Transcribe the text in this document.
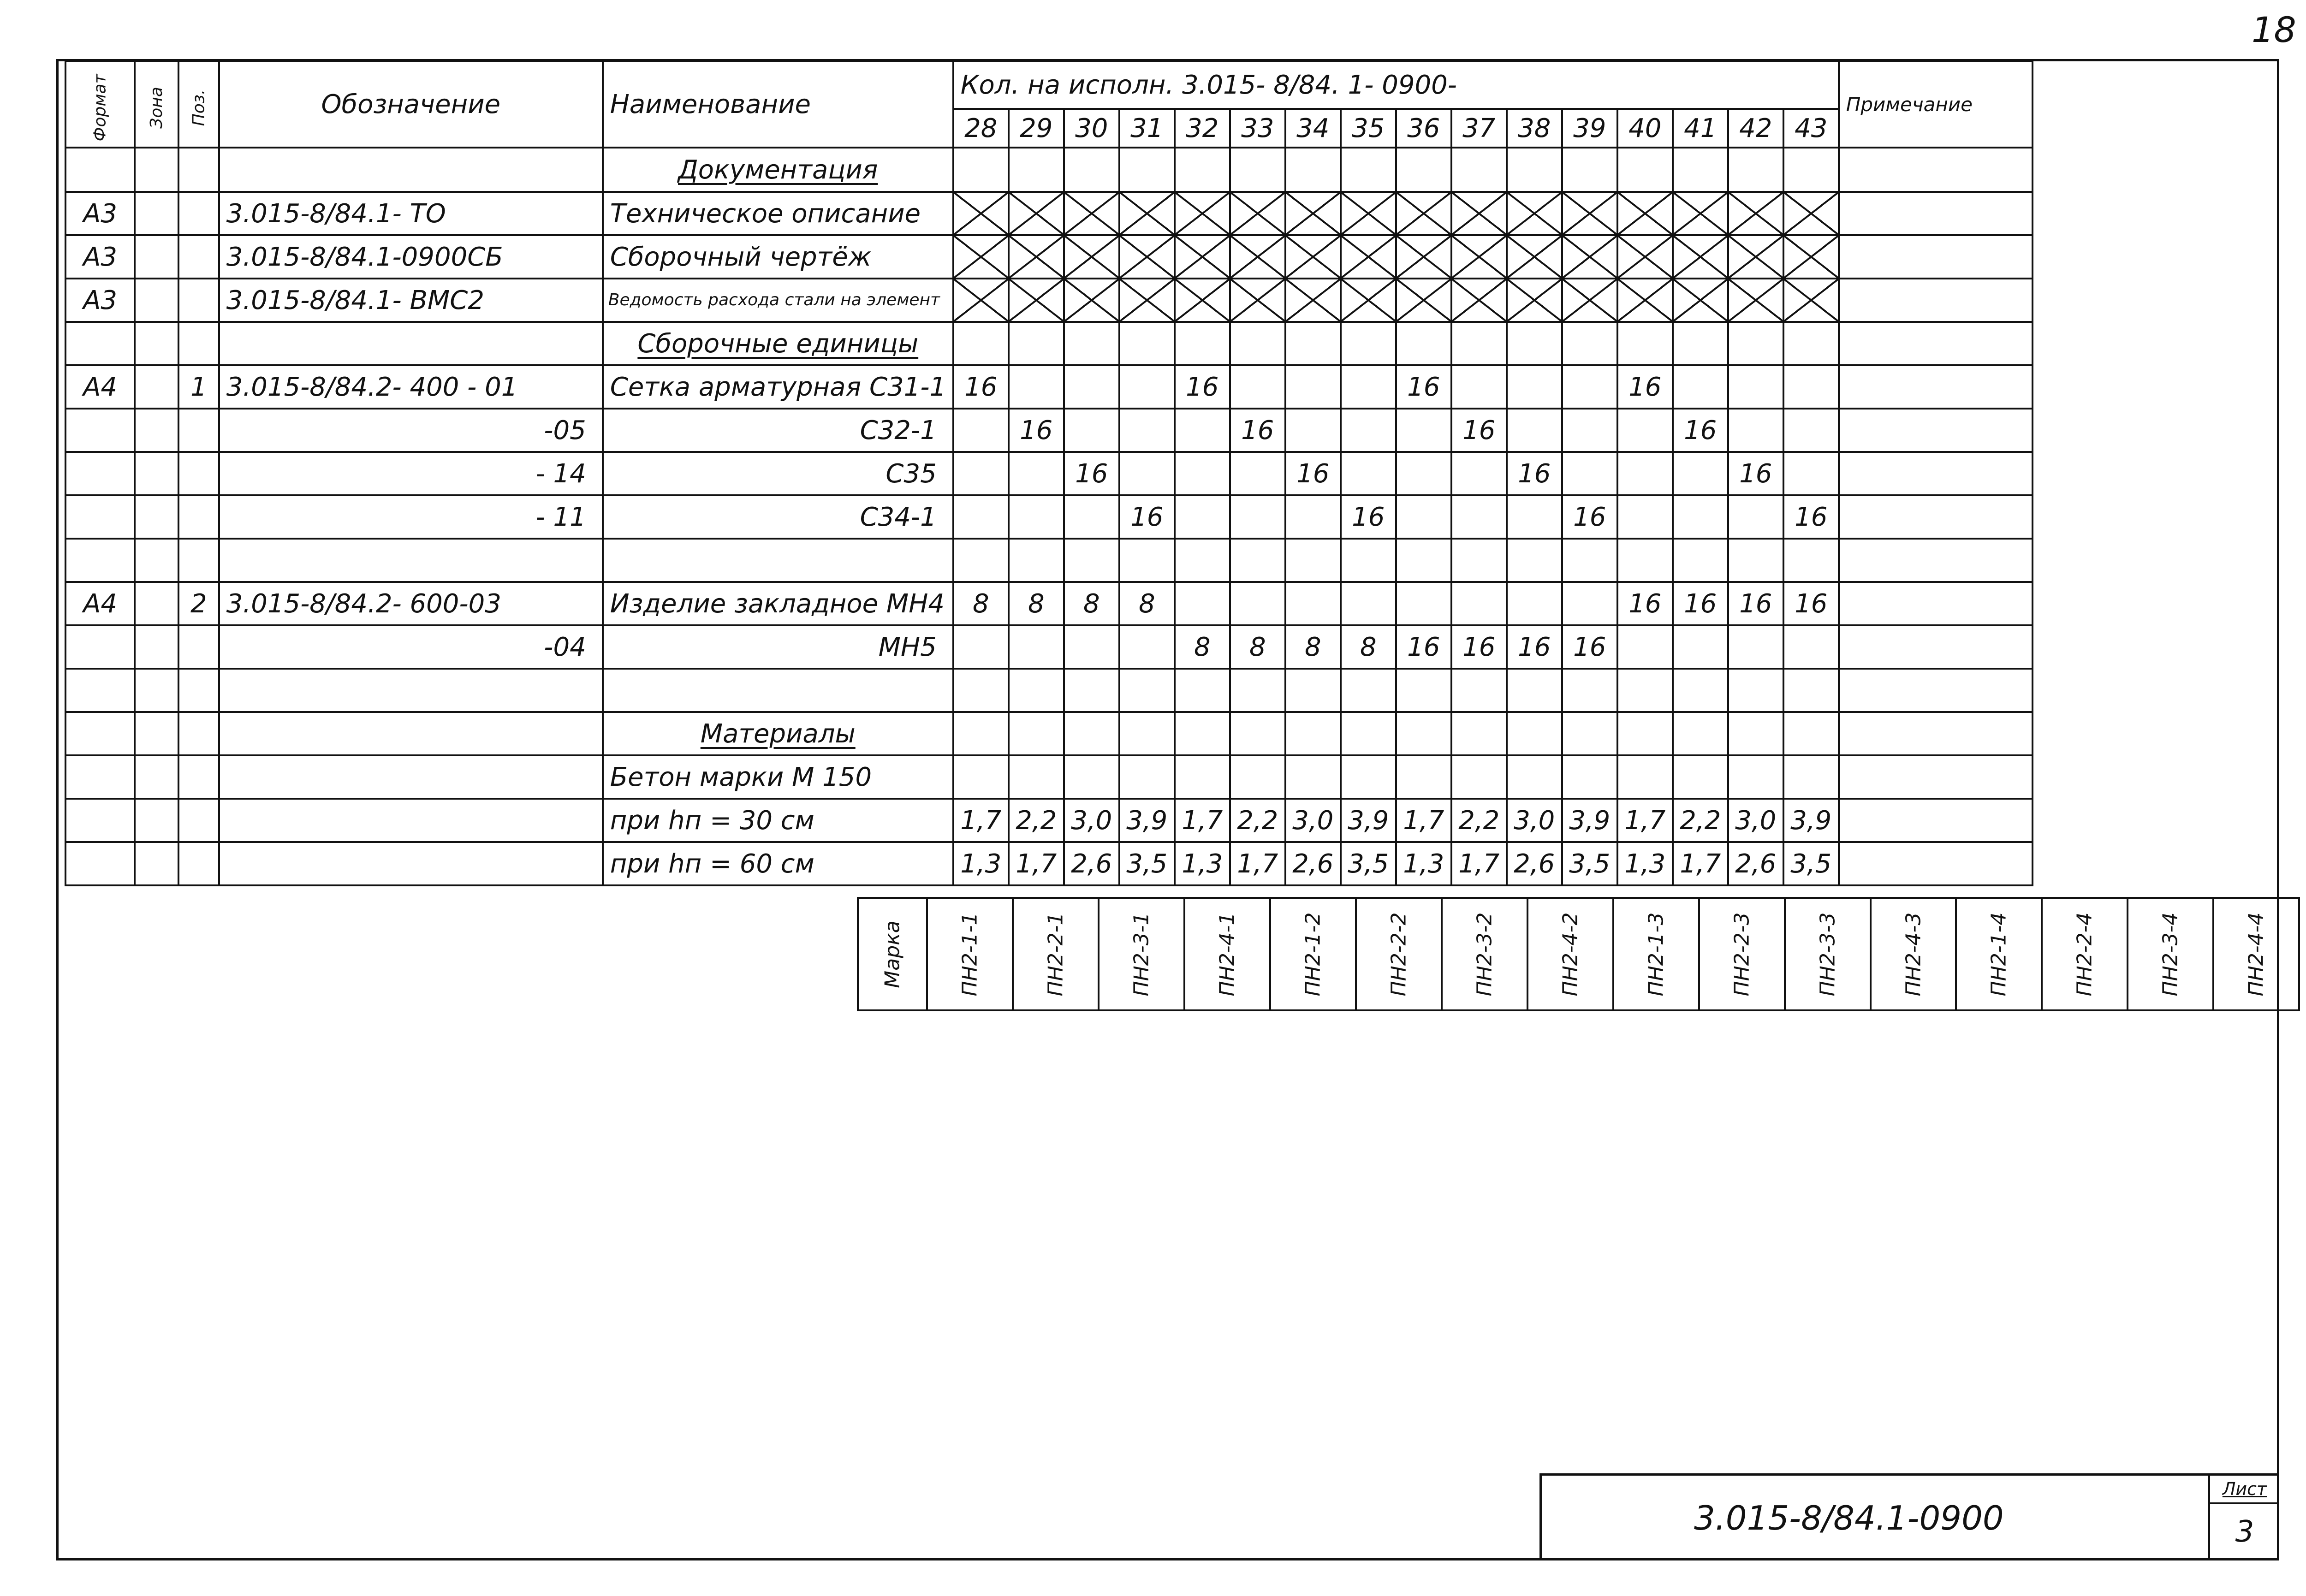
18
Формат	Зона	Поз.	Обозначение	Наименование	Кол. на исполн. 3.015- 8/84. 1- 0900-																Примечание
					28	29	30	31	32	33	34	35	36	37	38	39	40	41	42	43	
				Документация																	
А3			3.015-8/84.1- ТО	Техническое описание																	
А3			3.015-8/84.1-0900СБ	Сборочный чертёж																	
А3			3.015-8/84.1- ВМС2	Ведомость расхода стали на элемент																	
				Сборочные единицы																	
А4		1	3.015-8/84.2- 400 - 01	Сетка арматурная С31-1	16				16				16				16				
			-05	С32-1		16				16				16				16			
			- 14	С35			16				16				16				16		
			- 11	С34-1				16				16				16				16	

А4		2	3.015-8/84.2- 600-03	Изделие закладное МН4	8	8	8	8									16	16	16	16	
			-04	МН5					8	8	8	8	16	16	16	16					

				Материалы																	
				Бетон марки М 150																	
				при hп = 30 см	1,7	2,2	3,0	3,9	1,7	2,2	3,0	3,9	1,7	2,2	3,0	3,9	1,7	2,2	3,0	3,9	
				при hп = 60 см	1,3	1,7	2,6	3,5	1,3	1,7	2,6	3,5	1,3	1,7	2,6	3,5	1,3	1,7	2,6	3,5	
Марка	ПН2-1-1	ПН2-2-1	ПН2-3-1	ПН2-4-1	ПН2-1-2	ПН2-2-2	ПН2-3-2	ПН2-4-2	ПН2-1-3	ПН2-2-3	ПН2-3-3	ПН2-4-3	ПН2-1-4	ПН2-2-4	ПН2-3-4	ПН2-4-4
3.015-8/84.1-0900
Лист
3
